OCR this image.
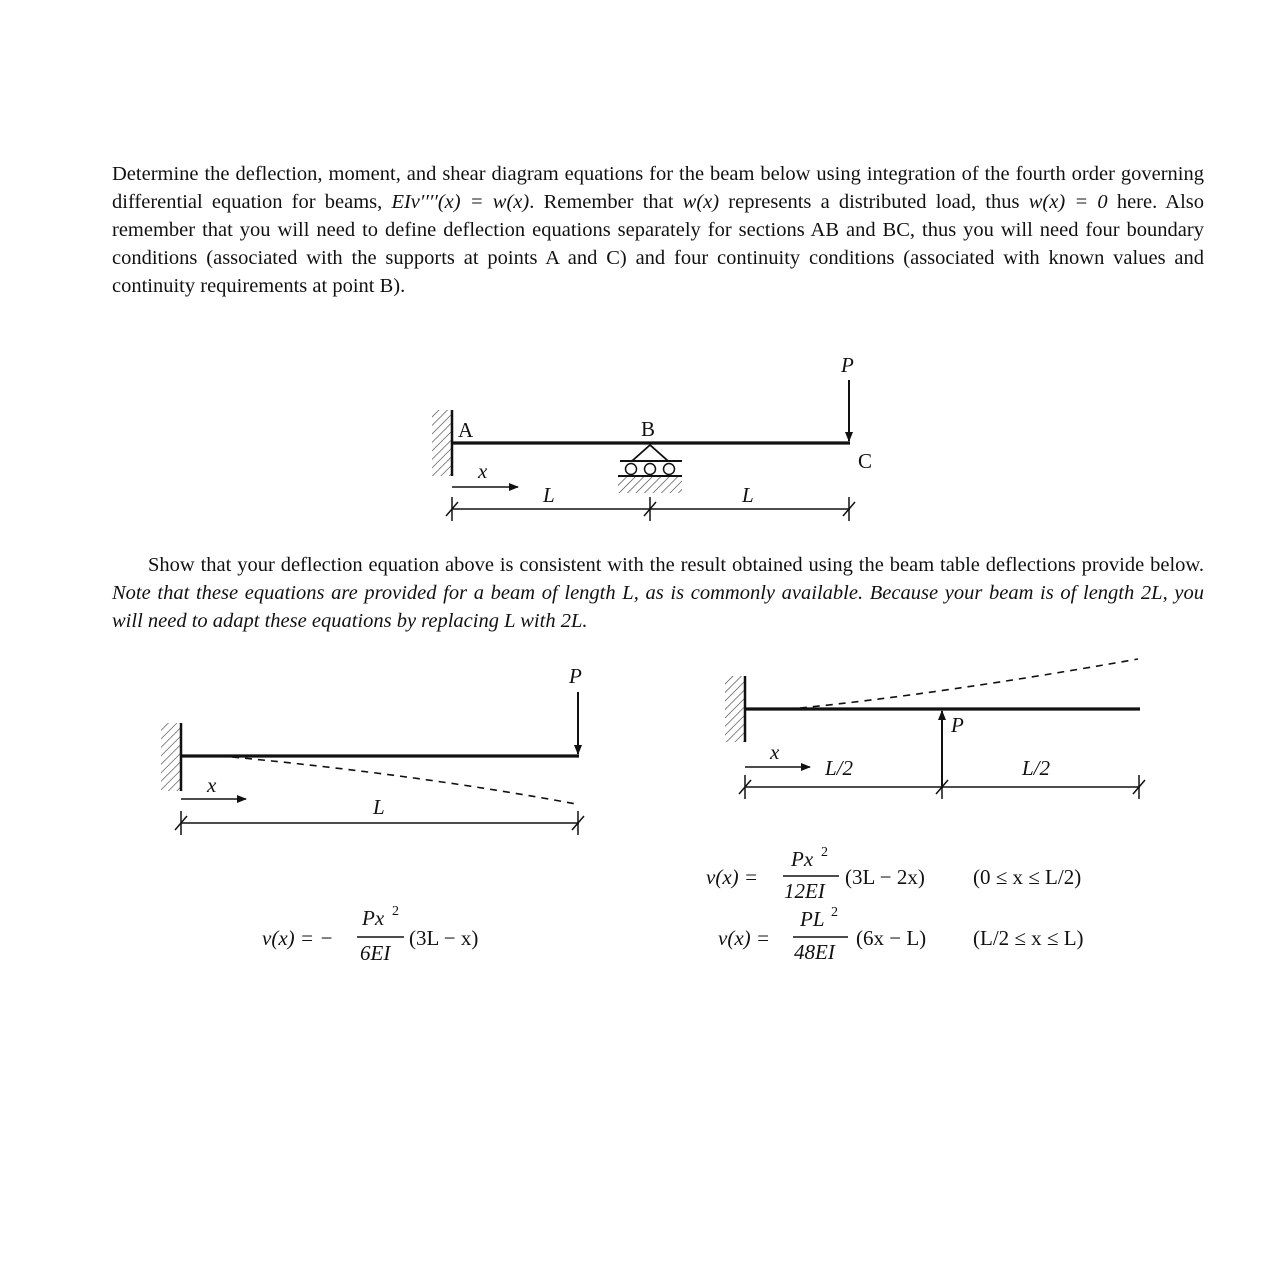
Determine the deflection, moment, and shear diagram equations for the beam below using integration of the fourth order governing differential equation for beams, EIv′′′′(x) = w(x). Remember that w(x) represents a distributed load, thus w(x) = 0 here. Also remember that you will need to define deflection equations separately for sections AB and BC, thus you will need four boundary conditions (associated with the supports at points A and C) and four continuity conditions (associated with known values and continuity requirements at point B).
Show that your deflection equation above is consistent with the result obtained using the beam table deflections provide below. Note that these equations are provided for a beam of length L, as is commonly available. Because your beam is of length 2L, you will need to adapt these equations by replacing L with 2L.
A	B
C
P
x
L	L
P
x
L
v(x) = −
Px 2
6EI
(3L − x)
P
x
L/2	L/2
v(x) =
Px 2
12EI
(3L − 2x) (0 ≤ x ≤ L/2)
v(x) =
PL 2
48EI
(6x − L) (L/2 ≤ x ≤ L)
